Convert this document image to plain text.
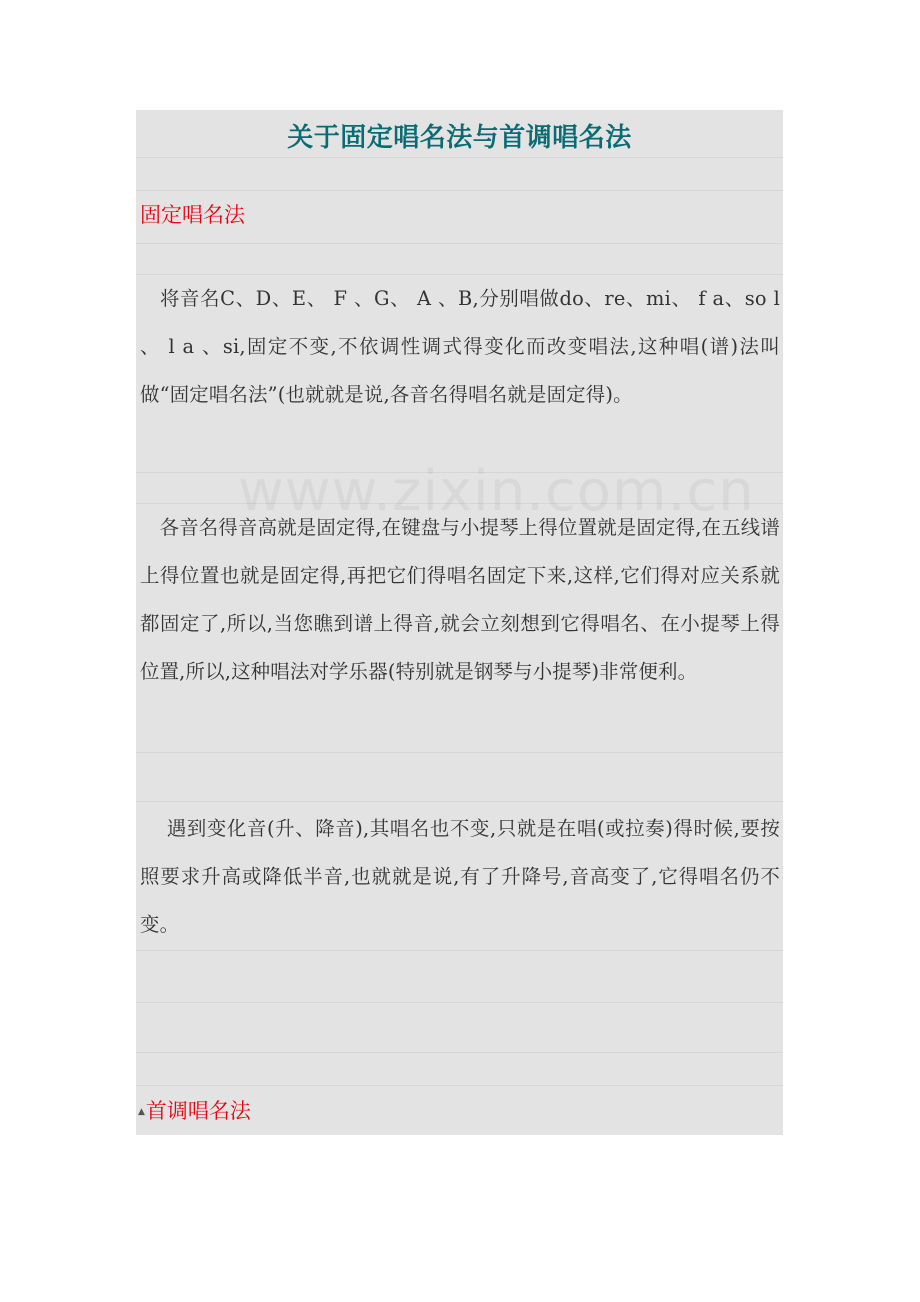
关于固定唱名法与首调唱名法
固定唱名法
　将音名C、D、E、 F 、G、 A 、B,分别唱做do、re、mi、 f a、so l 、 l a 、si,固定不变,不依调性调式得变化而改变唱法,这种唱(谱)法叫做“固定唱名法”(也就就是说,各音名得唱名就是固定得)。
　各音名得音高就是固定得,在键盘与小提琴上得位置就是固定得,在五线谱上得位置也就是固定得,再把它们得唱名固定下来,这样,它们得对应关系就都固定了,所以,当您瞧到谱上得音,就会立刻想到它得唱名、在小提琴上得位置,所以,这种唱法对学乐器(特别就是钢琴与小提琴)非常便利。
　 遇到变化音(升、降音),其唱名也不变,只就是在唱(或拉奏)得时候,要按照要求升高或降低半音,也就就是说,有了升降号,音高变了,它得唱名仍不变。
▲首调唱名法
